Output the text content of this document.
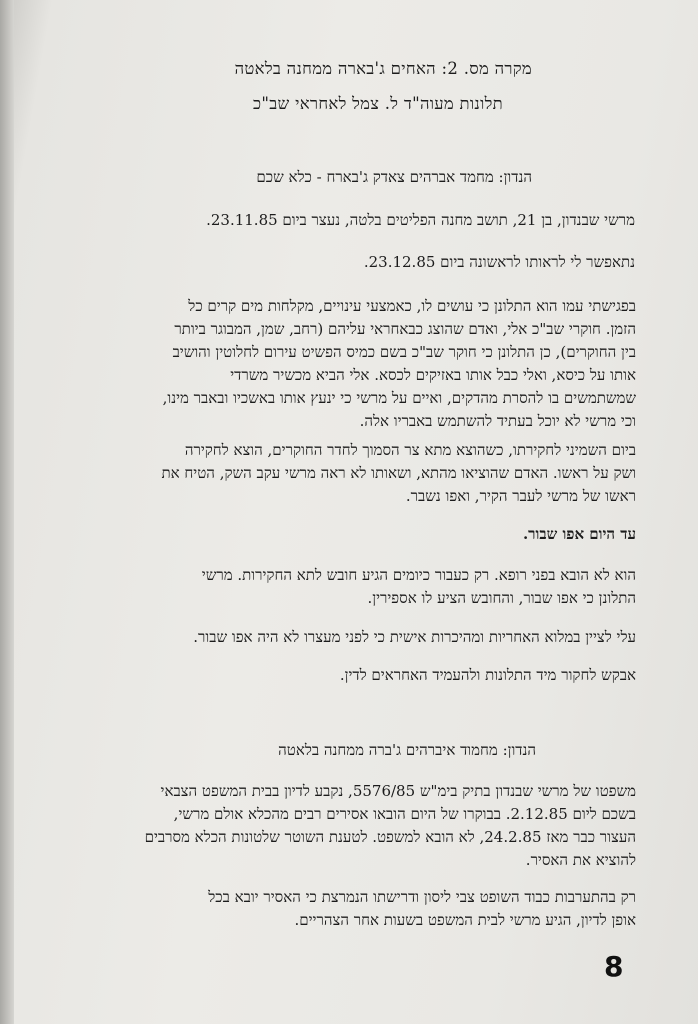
מקרה מס. 2: האחים ג'בארה ממחנה בלאטה
תלונות מעוה"ד ל. צמל לאחראי שב"כ
הנדון: מחמד אברהים צאדק ג'בארח - כלא שכם
מרשי שבנדון, בן 21, תושב מחנה הפליטים בלטה, נעצר ביום 23.11.85.
נתאפשר לי לראותו לראשונה ביום 23.12.85.
בפגישתי עמו הוא התלונן כי עושים לו, כאמצעי עינויים, מקלחות מים קרים כל
הזמן. חוקרי שב"כ אלי, ואדם שהוצג כבאחראי עליהם (רחב, שמן, המבוגר ביותר
בין החוקרים), כן התלונן כי חוקר שב"כ בשם כמיס הפשיט עירום לחלוטין והושיב
אותו על כיסא, ואלי כבל אותו באזיקים לכסא. אלי הביא מכשיר משרדי
שמשתמשים בו להסרת מהדקים, ואיים על מרשי כי ינעץ אותו באשכיו ובאבר מינו,
וכי מרשי לא יוכל בעתיד להשתמש באבריו אלה.
ביום השמיני לחקירתו, כשהוצא מתא צר הסמוך לחדר החוקרים, הוצא לחקירה
ושק על ראשו. האדם שהוציאו מהתא, ושאותו לא ראה מרשי עקב השק, הטיח את
ראשו של מרשי לעבר הקיר, ואפו נשבר.
עד היום אפו שבור.
הוא לא הובא בפני רופא. רק כעבור כיומים הגיע חובש לתא החקירות. מרשי
התלונן כי אפו שבור, והחובש הציע לו אספירין.
עלי לציין במלוא האחריות ומהיכרות אישית כי לפני מעצרו לא היה אפו שבור.
אבקש לחקור מיד התלונות ולהעמיד האחראים לדין.
הנדון: מחמוד איברהים ג'ברה ממחנה בלאטה
משפטו של מרשי שבנדון בתיק בימ"ש 5576/85, נקבע לדיון בבית המשפט הצבאי
בשכם ליום 2.12.85. בבוקרו של היום הובאו אסירים רבים מהכלא אולם מרשי,
העצור כבר מאז 24.2.85, לא הובא למשפט. לטענת השוטר שלטונות הכלא מסרבים
להוציא את האסיר.
רק בהתערבות כבוד השופט צבי ליסון ודרישתו הנמרצת כי האסיר יובא בכל
אופן לדיון, הגיע מרשי לבית המשפט בשעות אחר הצהריים.
8
